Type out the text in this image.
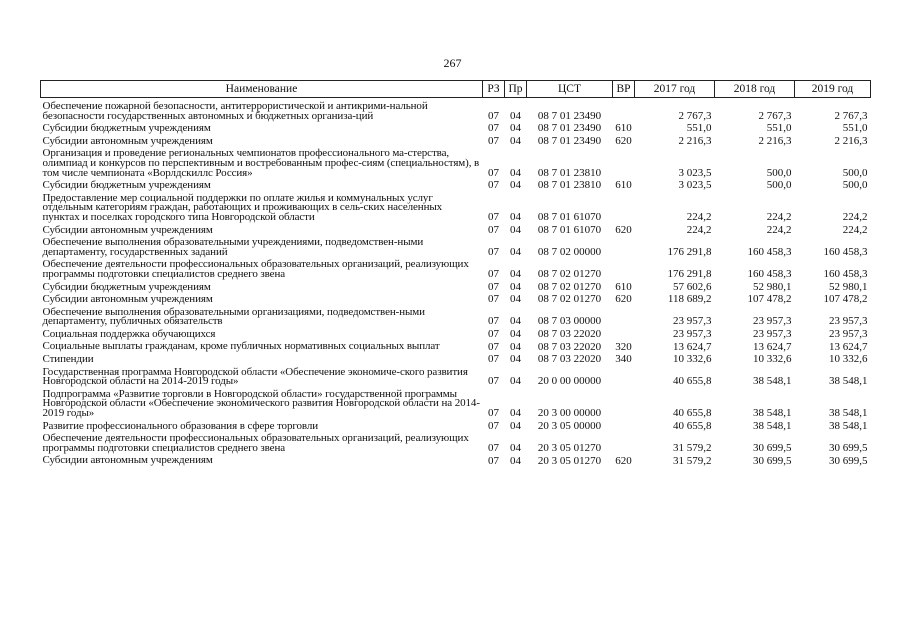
267
Наименование	РЗ	Пр	ЦСТ	ВР	2017 год	2018 год	2019 год
Обеспечение пожарной безопасности, антитеррористической и антикрими-нальной безопасности государственных автономных и бюджетных организа-ций	07	04	08 7 01 23490		2 767,3	2 767,3	2 767,3
Субсидии бюджетным учреждениям	07	04	08 7 01 23490	610	551,0	551,0	551,0
Субсидии автономным учреждениям	07	04	08 7 01 23490	620	2 216,3	2 216,3	2 216,3
Организация и проведение региональных чемпионатов профессионального ма-стерства, олимпиад и конкурсов по перспективным и востребованным профес-сиям (специальностям), в том числе чемпионата «Ворлдскиллс Россия»	07	04	08 7 01 23810		3 023,5	500,0	500,0
Субсидии бюджетным учреждениям	07	04	08 7 01 23810	610	3 023,5	500,0	500,0
Предоставление мер социальной поддержки по оплате жилья и коммунальных услуг отдельным категориям граждан, работающих и проживающих в сель-ских населенных пунктах и поселках городского типа Новгородской области	07	04	08 7 01 61070		224,2	224,2	224,2
Субсидии автономным учреждениям	07	04	08 7 01 61070	620	224,2	224,2	224,2
Обеспечение выполнения образовательными учреждениями, подведомствен-ными департаменту, государственных заданий	07	04	08 7 02 00000		176 291,8	160 458,3	160 458,3
Обеспечение деятельности профессиональных образовательных организаций, реализующих программы подготовки специалистов среднего звена	07	04	08 7 02 01270		176 291,8	160 458,3	160 458,3
Субсидии бюджетным учреждениям	07	04	08 7 02 01270	610	57 602,6	52 980,1	52 980,1
Субсидии автономным учреждениям	07	04	08 7 02 01270	620	118 689,2	107 478,2	107 478,2
Обеспечение выполнения образовательными организациями, подведомствен-ными департаменту, публичных обязательств	07	04	08 7 03 00000		23 957,3	23 957,3	23 957,3
Социальная поддержка обучающихся	07	04	08 7 03 22020		23 957,3	23 957,3	23 957,3
Социальные выплаты гражданам, кроме публичных нормативных социальных выплат	07	04	08 7 03 22020	320	13 624,7	13 624,7	13 624,7
Стипендии	07	04	08 7 03 22020	340	10 332,6	10 332,6	10 332,6
Государственная программа Новгородской области «Обеспечение экономиче-ского развития Новгородской области на 2014-2019 годы»	07	04	20 0 00 00000		40 655,8	38 548,1	38 548,1
Подпрограмма «Развитие торговли в Новгородской области» государственной программы Новгородской области «Обеспечение экономического развития Новгородской области на 2014-2019 годы»	07	04	20 3 00 00000		40 655,8	38 548,1	38 548,1
Развитие профессионального образования в сфере торговли	07	04	20 3 05 00000		40 655,8	38 548,1	38 548,1
Обеспечение деятельности профессиональных образовательных организаций, реализующих программы подготовки специалистов среднего звена	07	04	20 3 05 01270		31 579,2	30 699,5	30 699,5
Субсидии автономным учреждениям	07	04	20 3 05 01270	620	31 579,2	30 699,5	30 699,5
